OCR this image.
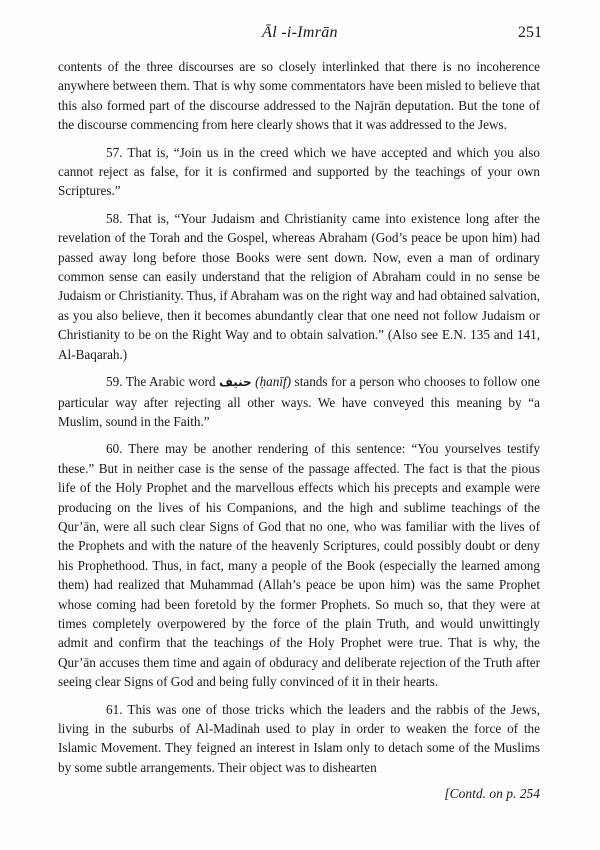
Āl -i-Imrān	251

contents of the three discourses are so closely interlinked that there is no incoherence anywhere between them. That is why some commentators have been misled to believe that this also formed part of the discourse addressed to the Najrān deputation. But the tone of the discourse commencing from here clearly shows that it was addressed to the Jews.

57. That is, “Join us in the creed which we have accepted and which you also cannot reject as false, for it is confirmed and supported by the teachings of your own Scriptures.”

58. That is, “Your Judaism and Christianity came into existence long after the revelation of the Torah and the Gospel, whereas Abraham (God’s peace be upon him) had passed away long before those Books were sent down. Now, even a man of ordinary common sense can easily understand that the religion of Abraham could in no sense be Judaism or Christianity. Thus, if Abraham was on the right way and had obtained salvation, as you also believe, then it becomes abundantly clear that one need not follow Judaism or Christianity to be on the Right Way and to obtain salvation.” (Also see E.N. 135 and 141, Al-Baqarah.)

59. The Arabic word حنيف (ḥanīf) stands for a person who chooses to follow one particular way after rejecting all other ways. We have conveyed this meaning by “a Muslim, sound in the Faith.”

60. There may be another rendering of this sentence: “You yourselves testify these.” But in neither case is the sense of the passage affected. The fact is that the pious life of the Holy Prophet and the marvellous effects which his precepts and example were producing on the lives of his Companions, and the high and sublime teachings of the Qur’ān, were all such clear Signs of God that no one, who was familiar with the lives of the Prophets and with the nature of the heavenly Scriptures, could possibly doubt or deny his Prophethood. Thus, in fact, many a people of the Book (especially the learned among them) had realized that Muhammad (Allah’s peace be upon him) was the same Prophet whose coming had been foretold by the former Prophets. So much so, that they were at times completely overpowered by the force of the plain Truth, and would unwittingly admit and confirm that the teachings of the Holy Prophet were true. That is why, the Qur’ān accuses them time and again of obduracy and deliberate rejection of the Truth after seeing clear Signs of God and being fully convinced of it in their hearts.

61. This was one of those tricks which the leaders and the rabbis of the Jews, living in the suburbs of Al-Madinah used to play in order to weaken the force of the Islamic Movement. They feigned an interest in Islam only to detach some of the Muslims by some subtle arrangements. Their object was to dishearten

[Contd. on p. 254
